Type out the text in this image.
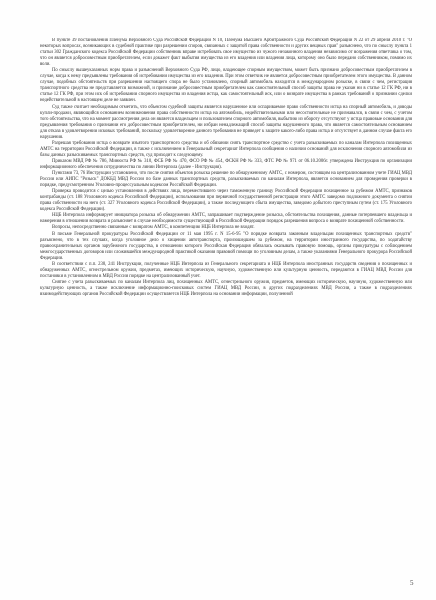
В пункте 39 постановления Пленума Верховного Суда Российской Федерации N 10, Пленума Высшего Арбитражного Суда Российской Федерации N 22 от 29 апреля 2010 г. "О некоторых вопросах, возникающих в судебной практике при разрешении споров, связанных с защитой права собственности и других вещных прав" разъяснено, что по смыслу пункта 1 статьи 302 Гражданского кодекса Российской Федерации собственник вправе истребовать свое имущество из чужого незаконного владения независимо от возражения ответчика о том, что он является добросовестным приобретателем, если докажет факт выбытия имущества из его владения или владения лица, которому оно было передано собственником, помимо их воли.

По смыслу вышеуказанных норм права и разъяснений Верховного Суда РФ, лицо, владеющее спорным имуществом, может быть признано добросовестным приобретателем в случае, когда к нему предъявлены требования об истребовании имущества из его владения. При этом ответчик не является добросовестным приобретателем этого имущества. В данном случае, подобных обстоятельств при разрешении настоящего спора не было установлено, спорный автомобиль находится в международном розыске, в связи с чем, регистрация транспортного средства не представляется возможной, и признание добросовестным приобретателем как самостоятельный способ защиты права не указан ни в статье 12 ГК РФ, ни в статье 12 ГК РФ, при этом иск об истребовании спорного имущества из владения истца, как самостоятельный иск, или о возврате имущества в рамках требований о признании сделки недействительной в настоящем деле не заявлен.

Суд также считает необходимым отметить, что объектом судебной защиты является нарушенное или оспариваемое право собственности истца на спорный автомобиль, и доводы купли-продажи, являющийся основанием возникновения права собственности истца на автомобиль, недействительными или несостоятельные не признавался, в связи с чем, с учетом того обстоятельства, что на момент рассмотрения дела он является владельцем и пользователем спорного автомобиля, выбытию из обороту отсутствуют у истца правовые основания для предъявления требования о признании его добросовестным приобретателем, ни избран ненадлежащий способ защиты нарушенного права, что является самостоятельным основанием для отказа в удовлетворении исковых требований, поскольку удовлетворение данного требования не приведет к защите какого-либо права истца и отсутствует в данном случае факта его нарушения.

Разрешая требования истца о возврате изъятого транспортного средства и об обязании снять транспортное средство с учета разыскиваемых по каналам Интерпола похищенных АМТС на территории Российской Федерации, в также с исключением в Генеральный секретариат Интерпола сообщения о наличии оснований для исключения спорного автомобиля из базы данных разыскиваемых транспортных средств, суд приходит к следующему.

Приказом МВД РФ № 786, Минюста РФ № 310, ФСБ РФ № 470, ФСО РФ № 454, ФСКН РФ № 333, ФТС РФ № 971 от 06.10.2006г. утверждена Инструкция по организации информационного обеспечения сотрудничества по линии Интерпола (далее - Инструкция).

Пунктами 73, 76 Инструкции установлено, что после снятия объектов розыска решение по обнаруженному АМТС, с номером, состоящим на централизованном учете ГИАЦ МВД России или АИПС "Розыск" ДОКБД МВД России по базе данных транспортных средств, разыскиваемых по каналам Интерпола, является основанием для проведения проверки в порядке, предусмотренном Уголовно-процессуальным кодексом Российской Федерации.

Проверка проводится с целью установления в действиях лица, переместившего через таможенную границу Российской Федерации похищенное за рубежом АМТС, признаков контрабанды (ст. 188 Уголовного кодекса Российской Федерации), использования при первичной государственной регистрации этого АМТС заведомо подложного документа о снятии права собственности на него (ст. 327 Уголовного кодекса Российской Федерации), а также последующего сбыта имущества, заведомо добытого преступным путем (ст. 175 Уголовного кодекса Российской Федерации).

НЦБ Интерпола информирует инициатора розыска об обнаружении АМТС, запрашивает подтверждение розыска, обстоятельства похищения, данные потерпевшего владельца и намерения в отношении возврата и разъясняет в случае необходимости существующий в Российской Федерации порядок разрешения вопроса о возврате похищенной собственности.

Вопросы, непосредственно связанные с возвратом АМТС, в компетенцию НЦБ Интерпола не входят.

В письме Генеральной прокуратуры Российской Федерации от 11 мая 1995 г. N 15-6-95 "О порядке возврата законным владельцам похищенных транспортных средств" разъяснено, что в тех случаях, когда уголовное дело о хищении автотранспорта, произошедшем за рубежом, на территории иностранного государства, по ходатайству правоохранительных органов зарубежного государства, в отношении которого Российская Федерация обязалась оказывать правовую помощь, органы прокуратуры с соблюдением межгосударственных договоров или сложившейся международной практикой оказания правовой помощи по уголовным делам, а также указаниями Генерального прокурора Российской Федерации.

В соответствии с п.п. 238, 241 Инструкции, полученные НЦБ Интерпола из Генерального секретариата и НЦБ Интерпола иностранных государств сведения о похищенных и обнаруженных АМТС, огнестрельном оружии, предметах, имеющих историческую, научную, художественную или культурную ценность, передаются в ГИАЦ МВД России для постановки в установленном в МВД России порядке на централизованный учет.

Снятие с учета разыскиваемых по каналам Интерпола лиц, похищенных АМТС, огнестрельного оружия, предметов, имеющих историческую, научную, художественную или культурную ценность, а также исключение информационно-поисковых систем ГИАЦ МВД России, в других подразделениях МВД России, а также в подразделениях взаимодействующих органов Российской Федерации осуществляется НЦБ Интерпола на основании информации, полученной

5
